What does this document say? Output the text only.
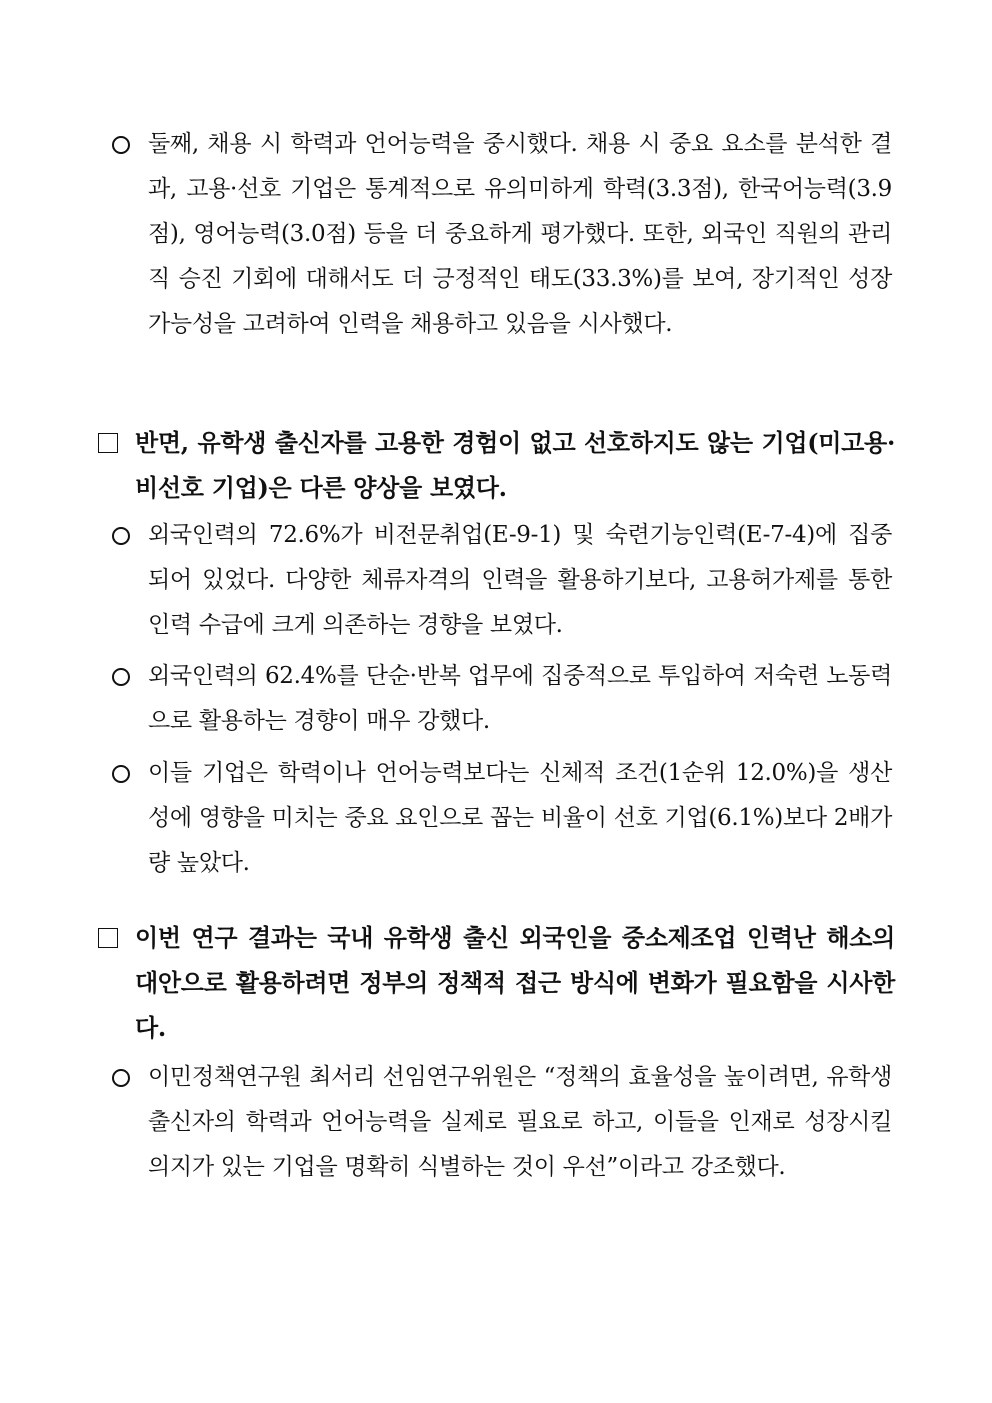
둘째, 채용 시 학력과 언어능력을 중시했다. 채용 시 중요 요소를 분석한 결과, 고용·선호 기업은 통계적으로 유의미하게 학력(3.3점), 한국어능력(3.9점), 영어능력(3.0점) 등을 더 중요하게 평가했다. 또한, 외국인 직원의 관리직 승진 기회에 대해서도 더 긍정적인 태도(33.3%)를 보여, 장기적인 성장 가능성을 고려하여 인력을 채용하고 있음을 시사했다.
반면, 유학생 출신자를 고용한 경험이 없고 선호하지도 않는 기업(미고용·비선호 기업)은 다른 양상을 보였다.
외국인력의 72.6%가 비전문취업(E-9-1) 및 숙련기능인력(E-7-4)에 집중되어 있었다. 다양한 체류자격의 인력을 활용하기보다, 고용허가제를 통한 인력 수급에 크게 의존하는 경향을 보였다.
외국인력의 62.4%를 단순·반복 업무에 집중적으로 투입하여 저숙련 노동력으로 활용하는 경향이 매우 강했다.
이들 기업은 학력이나 언어능력보다는 신체적 조건(1순위 12.0%)을 생산성에 영향을 미치는 중요 요인으로 꼽는 비율이 선호 기업(6.1%)보다 2배가량 높았다.
이번 연구 결과는 국내 유학생 출신 외국인을 중소제조업 인력난 해소의 대안으로 활용하려면 정부의 정책적 접근 방식에 변화가 필요함을 시사한다.
이민정책연구원 최서리 선임연구위원은 “정책의 효율성을 높이려면, 유학생 출신자의 학력과 언어능력을 실제로 필요로 하고, 이들을 인재로 성장시킬 의지가 있는 기업을 명확히 식별하는 것이 우선”이라고 강조했다.
